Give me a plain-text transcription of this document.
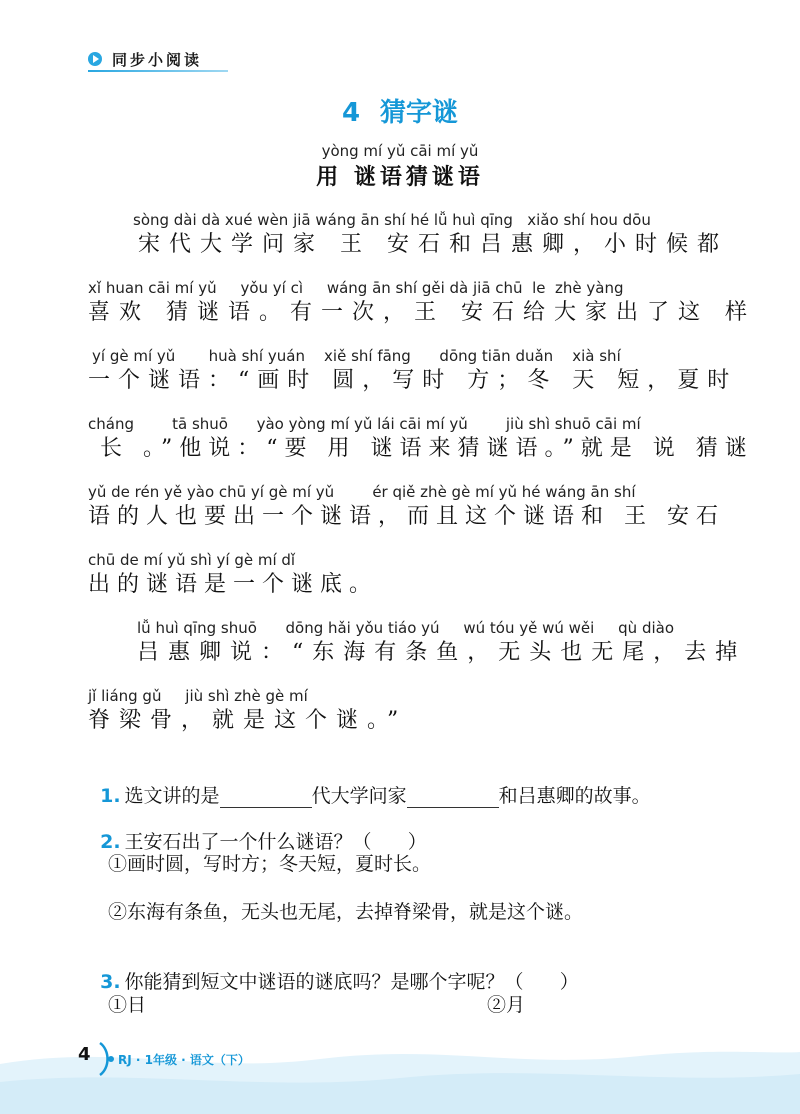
同步小阅读
4 猜字谜
yòng mí yǔ cāi mí yǔ
用 谜语猜谜语
sòng dài dà xué wèn jiā wáng ān shí hé lǚ huì qīng   xiǎo shí hou dōu
宋代大学问家 王 安石和吕惠卿，小时候都
xǐ huan cāi mí yǔ     yǒu yí cì     wáng ān shí gěi dà jiā chū  le  zhè yàng
喜欢 猜谜语。有一次，王 安石给大家出了这 样
yí gè mí yǔ       huà shí yuán    xiě shí fāng      dōng tiān duǎn    xià shí
一个谜语：“画时 圆，写时 方；冬 天 短，夏时
cháng        tā shuō      yào yòng mí yǔ lái cāi mí yǔ        jiù shì shuō cāi mí
长 。”他说：“要 用 谜语来猜谜语。”就是 说 猜谜
yǔ de rén yě yào chū yí gè mí yǔ        ér qiě zhè gè mí yǔ hé wáng ān shí
语的人也要出一个谜语，而且这个谜语和 王 安石
chū de mí yǔ shì yí gè mí dǐ
出的谜语是一个谜底。
lǚ huì qīng shuō      dōng hǎi yǒu tiáo yú     wú tóu yě wú wěi     qù diào
吕惠卿说：“东海有条鱼，无头也无尾，去掉
jǐ liáng gǔ     jiù shì zhè gè mí
脊梁骨，就是这个谜。”

1. 选文讲的是	代大学问家	和吕惠卿的故事。

2. 王安石出了一个什么谜语？（      ）

①画时圆，写时方；冬天短，夏时长。
②东海有条鱼，无头也无尾，去掉脊梁骨，就是这个谜。

3. 你能猜到短文中谜语的谜底吗？是哪个字呢？（      ）

①日	②月
4	RJ · 1年级 · 语文（下）
